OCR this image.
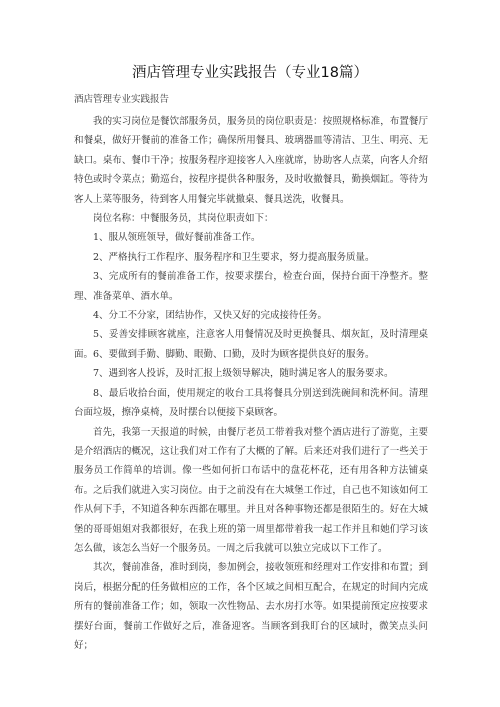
酒店管理专业实践报告（专业18篇）
酒店管理专业实践报告

我的实习岗位是餐饮部服务员，服务员的岗位职责是：按照规格标准，布置餐厅和餐桌，做好开餐前的准备工作；确保所用餐具、玻璃器皿等清洁、卫生、明亮、无缺口。桌布、餐巾干净；按服务程序迎接客人入座就席，协助客人点菜，向客人介绍特色或时令菜点；勤巡台，按程序提供各种服务，及时收撤餐具，勤换烟缸。等待为客人上菜等服务，待到客人用餐完毕就撤桌、餐具送洗，收餐具。

岗位名称：中餐服务员，其岗位职责如下：

1、服从领班领导，做好餐前准备工作。

2、严格执行工作程序、服务程序和卫生要求，努力提高服务质量。

3、完成所有的餐前准备工作，按要求摆台，检查台面，保持台面干净整齐。整理、准备菜单、酒水单。

4、分工不分家，团结协作，又快又好的完成接待任务。

5、妥善安排顾客就座，注意客人用餐情况及时更换餐具、烟灰缸，及时清理桌面。6、要做到手勤、脚勤、眼勤、口勤，及时为顾客提供良好的服务。

7、遇到客人投诉，及时汇报上级领导解决，随时满足客人的服务要求。

8、最后收拾台面，使用规定的收台工具将餐具分别送到洗碗间和洗杯间。清理台面垃圾，擦净桌椅，及时摆台以便接下桌顾客。

首先，我第一天报道的时候，由餐厅老员工带着我对整个酒店进行了游览，主要是介绍酒店的概况，这让我们对工作有了大概的了解。后来还对我们进行了一些关于服务员工作简单的培训。像一些如何折口布话中的盘花杯花，还有用各种方法铺桌布。之后我们就进入实习岗位。由于之前没有在大城堡工作过，自己也不知该如何工作从何下手，不知道各种东西都在哪里。并且对各种事物还都是很陌生的。好在大城堡的哥哥姐姐对我都很好，在我上班的第一周里都带着我一起工作并且和她们学习该怎么做，该怎么当好一个服务员。一周之后我就可以独立完成以下工作了。

其次，餐前准备，准时到岗，参加例会，接收领班和经理对工作安排和布置；到岗后，根据分配的任务做相应的工作，各个区域之间相互配合，在规定的时间内完成所有的餐前准备工作；如，领取一次性物品、去水房打水等。如果提前预定应按要求摆好台面，餐前工作做好之后，准备迎客。当顾客到我盯台的区域时，微笑点头问好；
